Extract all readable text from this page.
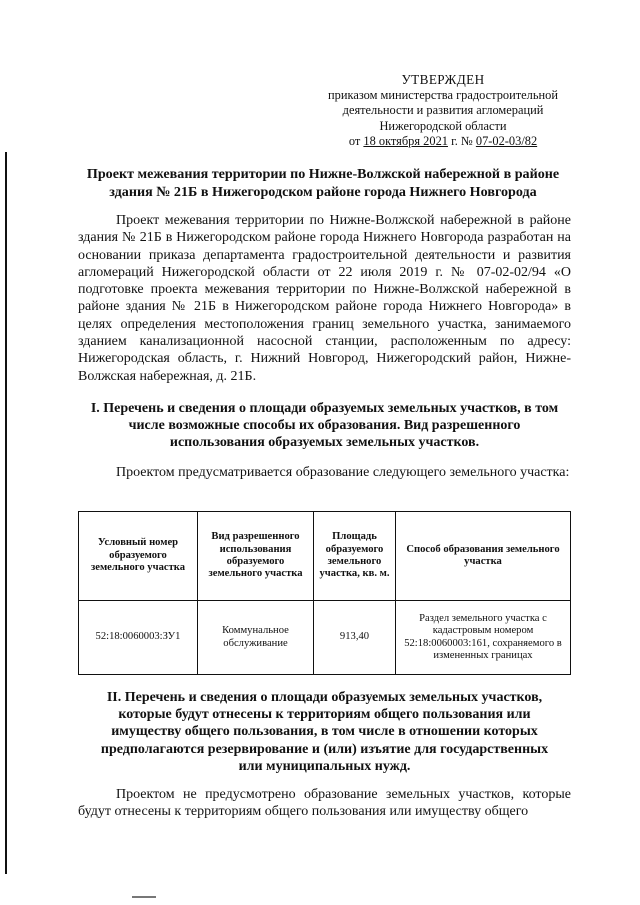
УТВЕРЖДЕН
приказом министерства градостроительной
деятельности и развития агломераций
Нижегородской области
от 18 октября 2021 г. № 07-02-03/82
Проект межевания территории по Нижне-Волжской набережной в районе здания № 21Б в Нижегородском районе города Нижнего Новгорода

Проект межевания территории по Нижне-Волжской набережной в районе здания № 21Б в Нижегородском районе города Нижнего Новгорода разработан на основании приказа департамента градостроительной деятельности и развития агломераций Нижегородской области от 22 июля 2019 г. № 07-02-02/94 «О подготовке проекта межевания территории по Нижне-Волжской набережной в районе здания № 21Б в Нижегородском районе города Нижнего Новгорода» в целях определения местоположения границ земельного участка, занимаемого зданием канализационной насосной станции, расположенным по адресу: Нижегородская область, г. Нижний Новгород, Нижегородский район, Нижне-Волжская набережная, д. 21Б.

I. Перечень и сведения о площади образуемых земельных участков, в том
числе возможные способы их образования. Вид разрешенного
использования образуемых земельных участков.

Проектом предусматривается образование следующего земельного участка:

Условный номер образуемого земельного участка	Вид разрешенного использования образуемого земельного участка	Площадь образуемого земельного участка, кв. м.	Способ образования земельного участка
52:18:0060003:ЗУ1	Коммунальное обслуживание	913,40	Раздел земельного участка с кадастровым номером 52:18:0060003:161, сохраняемого в измененных границах
II. Перечень и сведения о площади образуемых земельных участков,
которые будут отнесены к территориям общего пользования или
имуществу общего пользования, в том числе в отношении которых
предполагаются резервирование и (или) изъятие для государственных
или муниципальных нужд.

Проектом не предусмотрено образование земельных участков, которые будут отнесены к территориям общего пользования или имуществу общего
